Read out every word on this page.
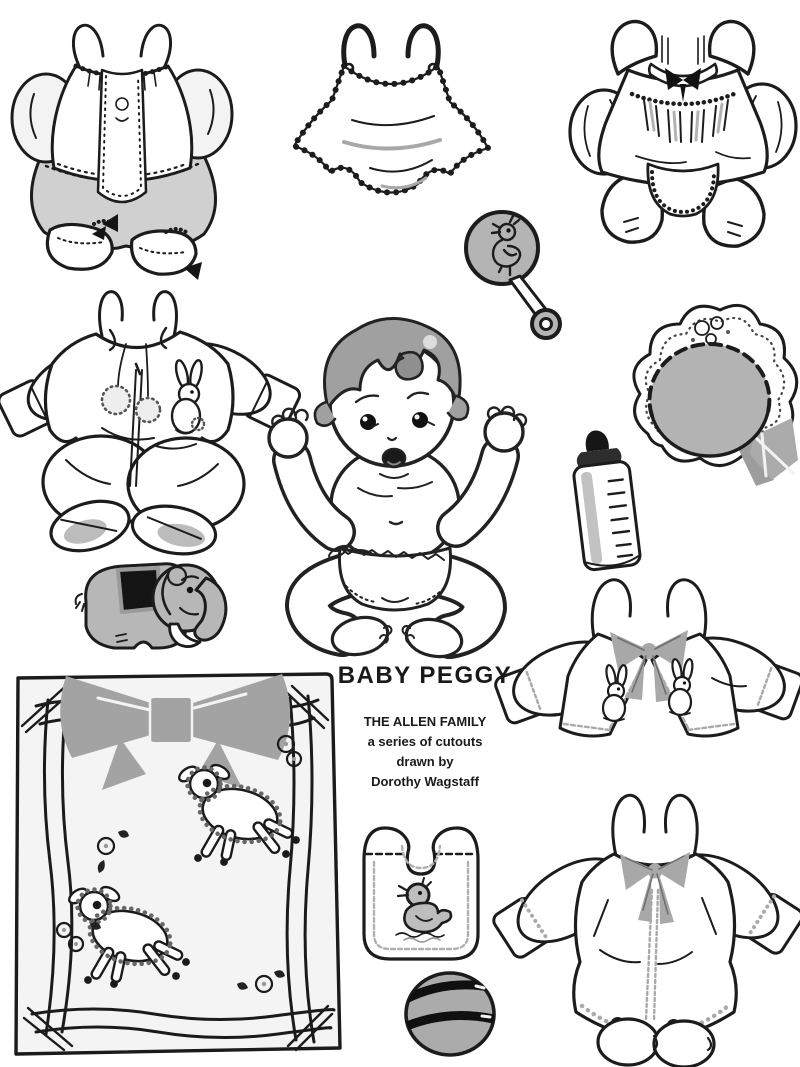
BABY PEGGY
THE ALLEN FAMILY
a series of cutouts
drawn by
Dorothy Wagstaff
